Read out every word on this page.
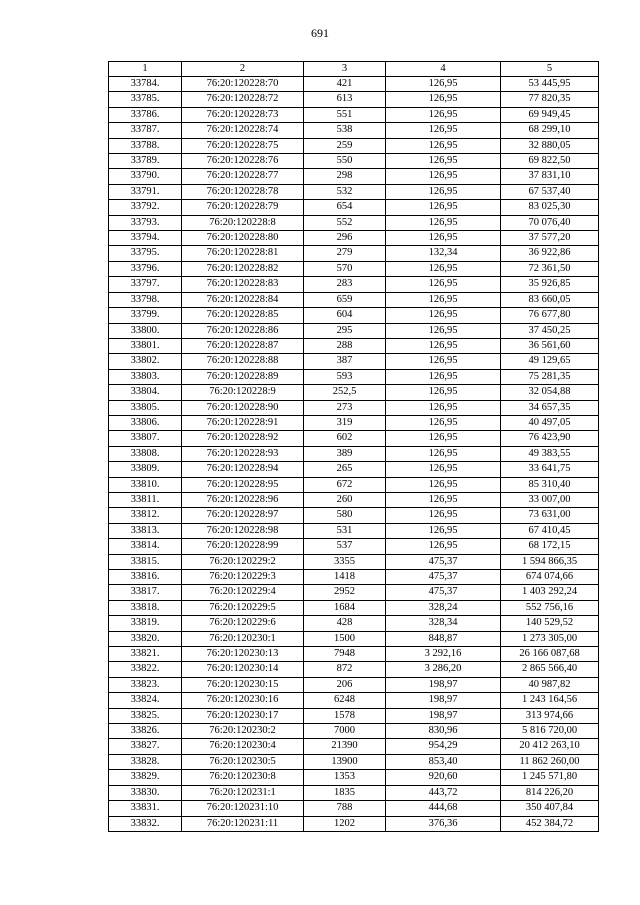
691
1	2	3	4	5
33784.	76:20:120228:70	421	126,95	53 445,95
33785.	76:20:120228:72	613	126,95	77 820,35
33786.	76:20:120228:73	551	126,95	69 949,45
33787.	76:20:120228:74	538	126,95	68 299,10
33788.	76:20:120228:75	259	126,95	32 880,05
33789.	76:20:120228:76	550	126,95	69 822,50
33790.	76:20:120228:77	298	126,95	37 831,10
33791.	76:20:120228:78	532	126,95	67 537,40
33792.	76:20:120228:79	654	126,95	83 025,30
33793.	76:20:120228:8	552	126,95	70 076,40
33794.	76:20:120228:80	296	126,95	37 577,20
33795.	76:20:120228:81	279	132,34	36 922,86
33796.	76:20:120228:82	570	126,95	72 361,50
33797.	76:20:120228:83	283	126,95	35 926,85
33798.	76:20:120228:84	659	126,95	83 660,05
33799.	76:20:120228:85	604	126,95	76 677,80
33800.	76:20:120228:86	295	126,95	37 450,25
33801.	76:20:120228:87	288	126,95	36 561,60
33802.	76:20:120228:88	387	126,95	49 129,65
33803.	76:20:120228:89	593	126,95	75 281,35
33804.	76:20:120228:9	252,5	126,95	32 054,88
33805.	76:20:120228:90	273	126,95	34 657,35
33806.	76:20:120228:91	319	126,95	40 497,05
33807.	76:20:120228:92	602	126,95	76 423,90
33808.	76:20:120228:93	389	126,95	49 383,55
33809.	76:20:120228:94	265	126,95	33 641,75
33810.	76:20:120228:95	672	126,95	85 310,40
33811.	76:20:120228:96	260	126,95	33 007,00
33812.	76:20:120228:97	580	126,95	73 631,00
33813.	76:20:120228:98	531	126,95	67 410,45
33814.	76:20:120228:99	537	126,95	68 172,15
33815.	76:20:120229:2	3355	475,37	1 594 866,35
33816.	76:20:120229:3	1418	475,37	674 074,66
33817.	76:20:120229:4	2952	475,37	1 403 292,24
33818.	76:20:120229:5	1684	328,24	552 756,16
33819.	76:20:120229:6	428	328,34	140 529,52
33820.	76:20:120230:1	1500	848,87	1 273 305,00
33821.	76:20:120230:13	7948	3 292,16	26 166 087,68
33822.	76:20:120230:14	872	3 286,20	2 865 566,40
33823.	76:20:120230:15	206	198,97	40 987,82
33824.	76:20:120230:16	6248	198,97	1 243 164,56
33825.	76:20:120230:17	1578	198,97	313 974,66
33826.	76:20:120230:2	7000	830,96	5 816 720,00
33827.	76:20:120230:4	21390	954,29	20 412 263,10
33828.	76:20:120230:5	13900	853,40	11 862 260,00
33829.	76:20:120230:8	1353	920,60	1 245 571,80
33830.	76:20:120231:1	1835	443,72	814 226,20
33831.	76:20:120231:10	788	444,68	350 407,84
33832.	76:20:120231:11	1202	376,36	452 384,72
